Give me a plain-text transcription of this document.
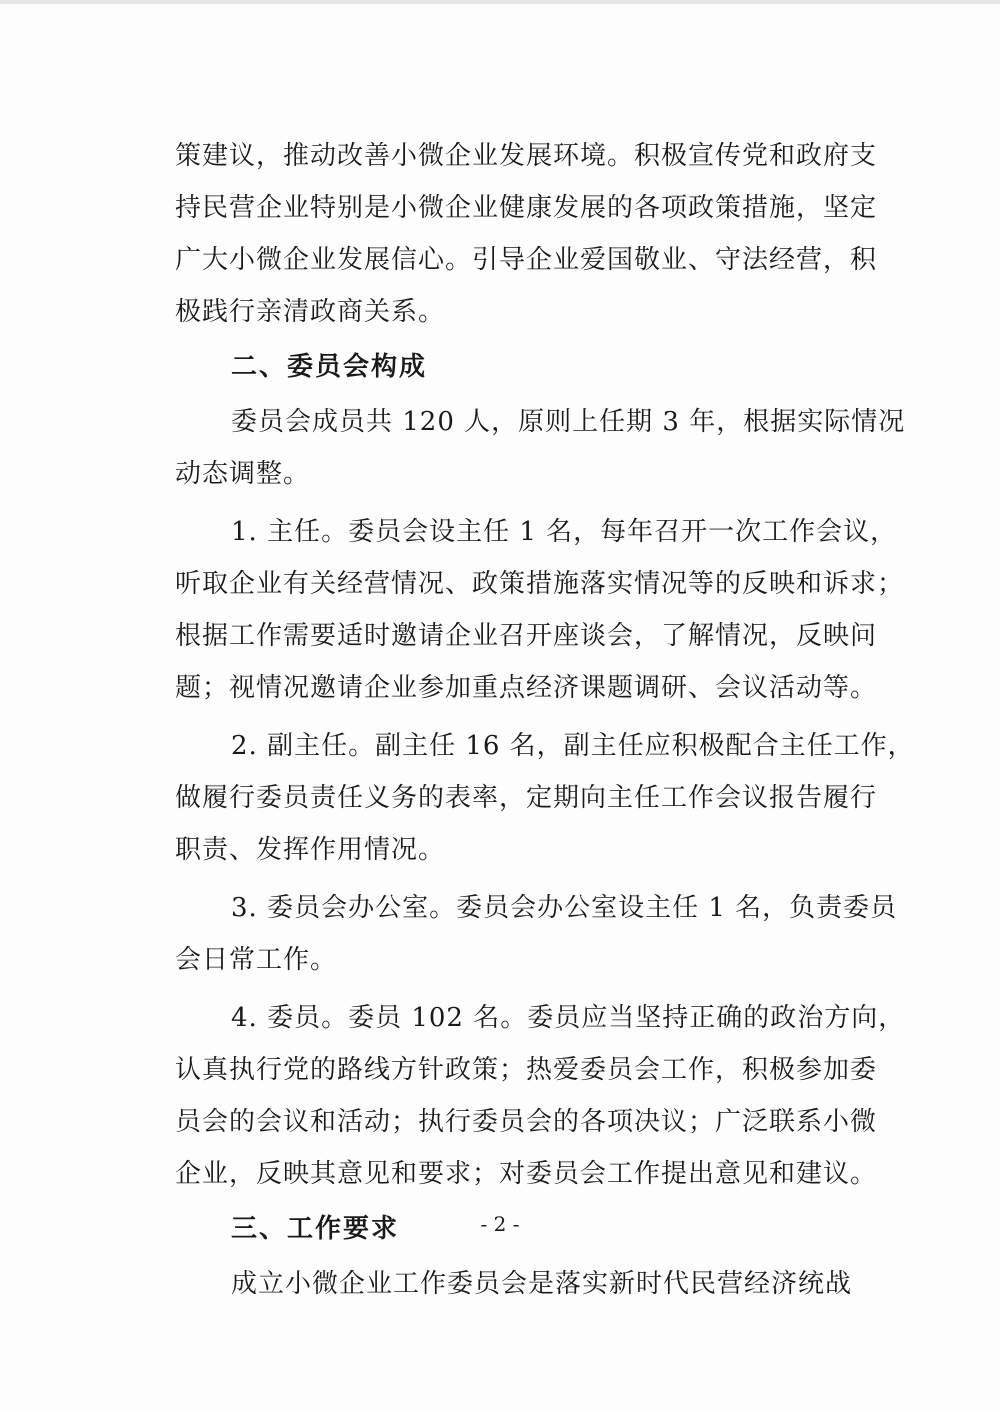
策建议，推动改善小微企业发展环境。积极宣传党和政府支
持民营企业特别是小微企业健康发展的各项政策措施，坚定
广大小微企业发展信心。引导企业爱国敬业、守法经营，积
极践行亲清政商关系。
二、委员会构成
委员会成员共 120 人，原则上任期 3 年，根据实际情况
动态调整。
1. 主任。委员会设主任 1 名，每年召开一次工作会议，
听取企业有关经营情况、政策措施落实情况等的反映和诉求；
根据工作需要适时邀请企业召开座谈会，了解情况，反映问
题；视情况邀请企业参加重点经济课题调研、会议活动等。
2. 副主任。副主任 16 名，副主任应积极配合主任工作，
做履行委员责任义务的表率，定期向主任工作会议报告履行
职责、发挥作用情况。
3. 委员会办公室。委员会办公室设主任 1 名，负责委员
会日常工作。
4. 委员。委员 102 名。委员应当坚持正确的政治方向，
认真执行党的路线方针政策；热爱委员会工作，积极参加委
员会的会议和活动；执行委员会的各项决议；广泛联系小微
企业，反映其意见和要求；对委员会工作提出意见和建议。
三、工作要求
成立小微企业工作委员会是落实新时代民营经济统战
- 2 -
